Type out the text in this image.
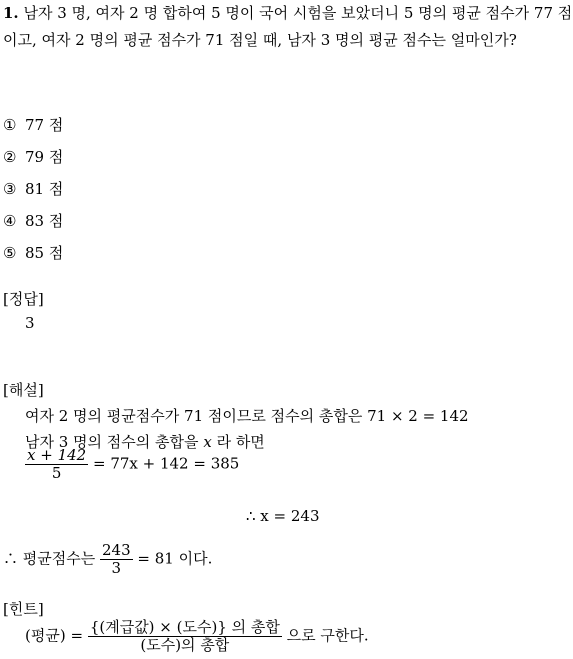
1. 남자 3 명, 여자 2 명 합하여 5 명이 국어 시험을 보았더니 5 명의 평균 점수가 77 점이고, 여자 2 명의 평균 점수가 71 점일 때, 남자 3 명의 평균 점수는 얼마인가?
① 77 점
② 79 점
③ 81 점
④ 83 점
⑤ 85 점
[정답]
3
[해설]
여자 2 명의 평균점수가 71 점이므로 점수의 총합은 71 × 2 = 142
남자 3 명의 점수의 총합을 x 라 하면
$\frac{x + 142}{5} = 77x + 142 = 385$
∴ x = 243
∴ 평균점수는 $\frac{243}{3} = 81$ 이다.
[힌트]
(평균) = $\frac{\text{\{(계급값) × (도수)\} 의 총합}}{\text{(도수)의 총합}}$ 으로 구한다.
